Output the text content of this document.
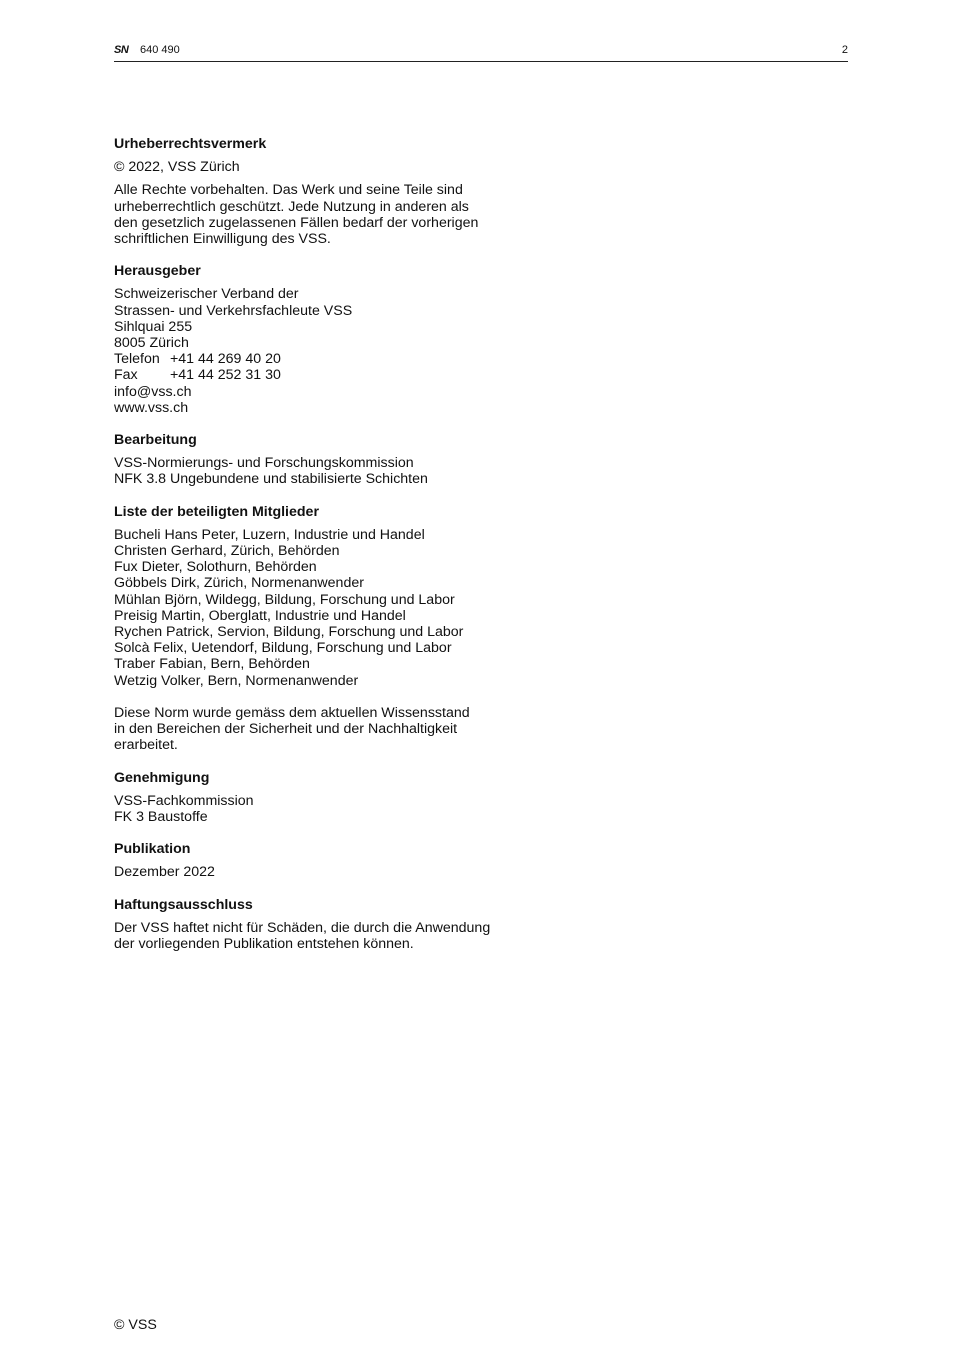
SN 640 490	2
Urheberrechtsvermerk
© 2022, VSS Zürich
Alle Rechte vorbehalten. Das Werk und seine Teile sind
urheberrechtlich geschützt. Jede Nutzung in anderen als
den gesetzlich zugelassenen Fällen bedarf der vorherigen
schriftlichen Einwilligung des VSS.
Herausgeber
Schweizerischer Verband der
Strassen- und Verkehrsfachleute VSS
Sihlquai 255
8005 Zürich
Telefon +41 44 269 40 20
Fax +41 44 252 31 30
info@vss.ch
www.vss.ch
Bearbeitung
VSS-Normierungs- und Forschungskommission
NFK 3.8 Ungebundene und stabilisierte Schichten
Liste der beteiligten Mitglieder
Bucheli Hans Peter, Luzern, Industrie und Handel
Christen Gerhard, Zürich, Behörden
Fux Dieter, Solothurn, Behörden
Göbbels Dirk, Zürich, Normenanwender
Mühlan Björn, Wildegg, Bildung, Forschung und Labor
Preisig Martin, Oberglatt, Industrie und Handel
Rychen Patrick, Servion, Bildung, Forschung und Labor
Solcà Felix, Uetendorf, Bildung, Forschung und Labor
Traber Fabian, Bern, Behörden
Wetzig Volker, Bern, Normenanwender
Diese Norm wurde gemäss dem aktuellen Wissensstand
in den Bereichen der Sicherheit und der Nachhaltigkeit
erarbeitet.
Genehmigung
VSS-Fachkommission
FK 3 Baustoffe
Publikation
Dezember 2022
Haftungsausschluss
Der VSS haftet nicht für Schäden, die durch die Anwendung
der vorliegenden Publikation entstehen können.
© VSS
